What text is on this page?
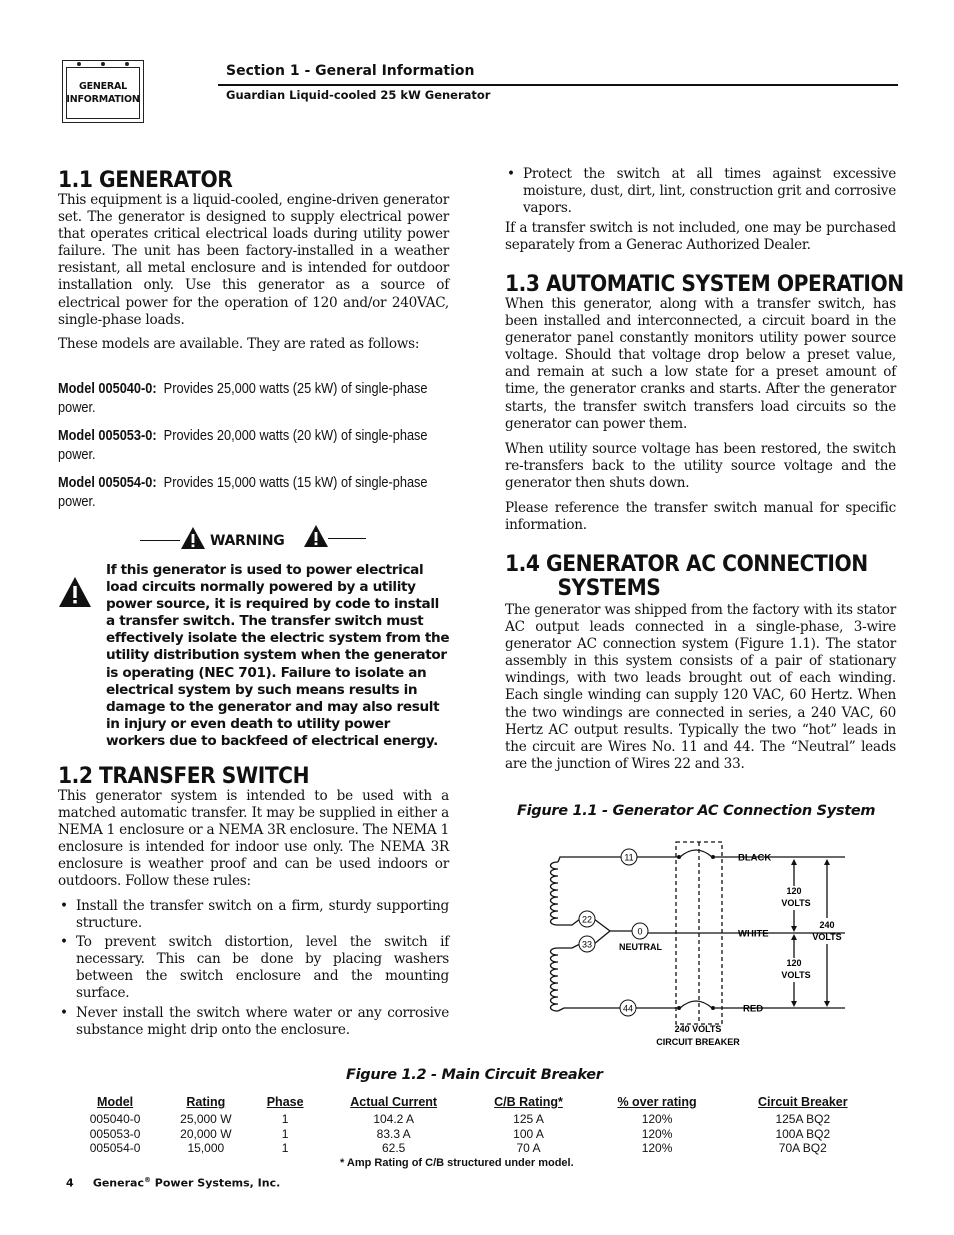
GENERAL
INFORMATION
Section 1 - General Information
Guardian Liquid-cooled 25 kW Generator
1.1 GENERATOR

This equipment is a liquid-cooled, engine-driven generator set. The generator is designed to supply electrical power that operates critical electrical loads during utility power failure. The unit has been factory-installed in a weather resistant, all metal enclosure and is intended for outdoor installation only. Use this generator as a source of electrical power for the operation of 120 and/or 240VAC, single-phase loads.

These models are available. They are rated as follows:

Model 005040-0: Provides 25,000 watts (25 kW) of single-phase power.

Model 005053-0: Provides 20,000 watts (20 kW) of single-phase power.

Model 005054-0: Provides 15,000 watts (15 kW) of single-phase power.

WARNING

If this generator is used to power electrical load circuits normally powered by a utility power source, it is required by code to install a transfer switch. The transfer switch must effectively isolate the electric system from the utility distribution system when the generator is operating (NEC 701). Failure to isolate an electrical system by such means results in damage to the generator and may also result in injury or even death to utility power workers due to backfeed of electrical energy.

1.2 TRANSFER SWITCH

This generator system is intended to be used with a matched automatic transfer. It may be supplied in either a NEMA 1 enclosure or a NEMA 3R enclosure. The NEMA 1 enclosure is intended for indoor use only. The NEMA 3R enclosure is weather proof and can be used indoors or outdoors. Follow these rules:

• Install the transfer switch on a firm, sturdy supporting structure.
• To prevent switch distortion, level the switch if necessary. This can be done by placing washers between the switch enclosure and the mounting surface.
• Never install the switch where water or any corrosive substance might drip onto the enclosure.
• Protect the switch at all times against excessive moisture, dust, dirt, lint, construction grit and corrosive vapors.

If a transfer switch is not included, one may be purchased separately from a Generac Authorized Dealer.

1.3 AUTOMATIC SYSTEM OPERATION

When this generator, along with a transfer switch, has been installed and interconnected, a circuit board in the generator panel constantly monitors utility power source voltage. Should that voltage drop below a preset value, and remain at such a low state for a preset amount of time, the generator cranks and starts. After the generator starts, the transfer switch transfers load circuits so the generator can power them.

When utility source voltage has been restored, the switch re-transfers back to the utility source voltage and the generator then shuts down.

Please reference the transfer switch manual for specific information.

1.4 GENERATOR AC CONNECTION
SYSTEMS

The generator was shipped from the factory with its stator AC output leads connected in a single-phase, 3-wire generator AC connection system (Figure 1.1). The stator assembly in this system consists of a pair of stationary windings, with two leads brought out of each winding. Each single winding can supply 120 VAC, 60 Hertz. When the two windings are connected in series, a 240 VAC, 60 Hertz AC output results. Typically the two “hot” leads in the circuit are Wires No. 11 and 44. The “Neutral” leads are the junction of Wires 22 and 33.

Figure 1.1 - Generator AC Connection System
11
22
33
0
44
NEUTRAL
BLACK
WHITE
RED
120
VOLTS
120
VOLTS
240
VOLTS
240 VOLTS
CIRCUIT BREAKER
Figure 1.2 - Main Circuit Breaker
Model	Rating	Phase	Actual Current	C/B Rating*	% over rating	Circuit Breaker
005040-0	25,000 W	1	104.2 A	125 A	120%	125A BQ2
005053-0	20,000 W	1	83.3 A	100 A	120%	100A BQ2
005054-0	15,000	1	62.5	70 A	120%	70A BQ2
* Amp Rating of C/B structured under model.
4 Generac® Power Systems, Inc.
